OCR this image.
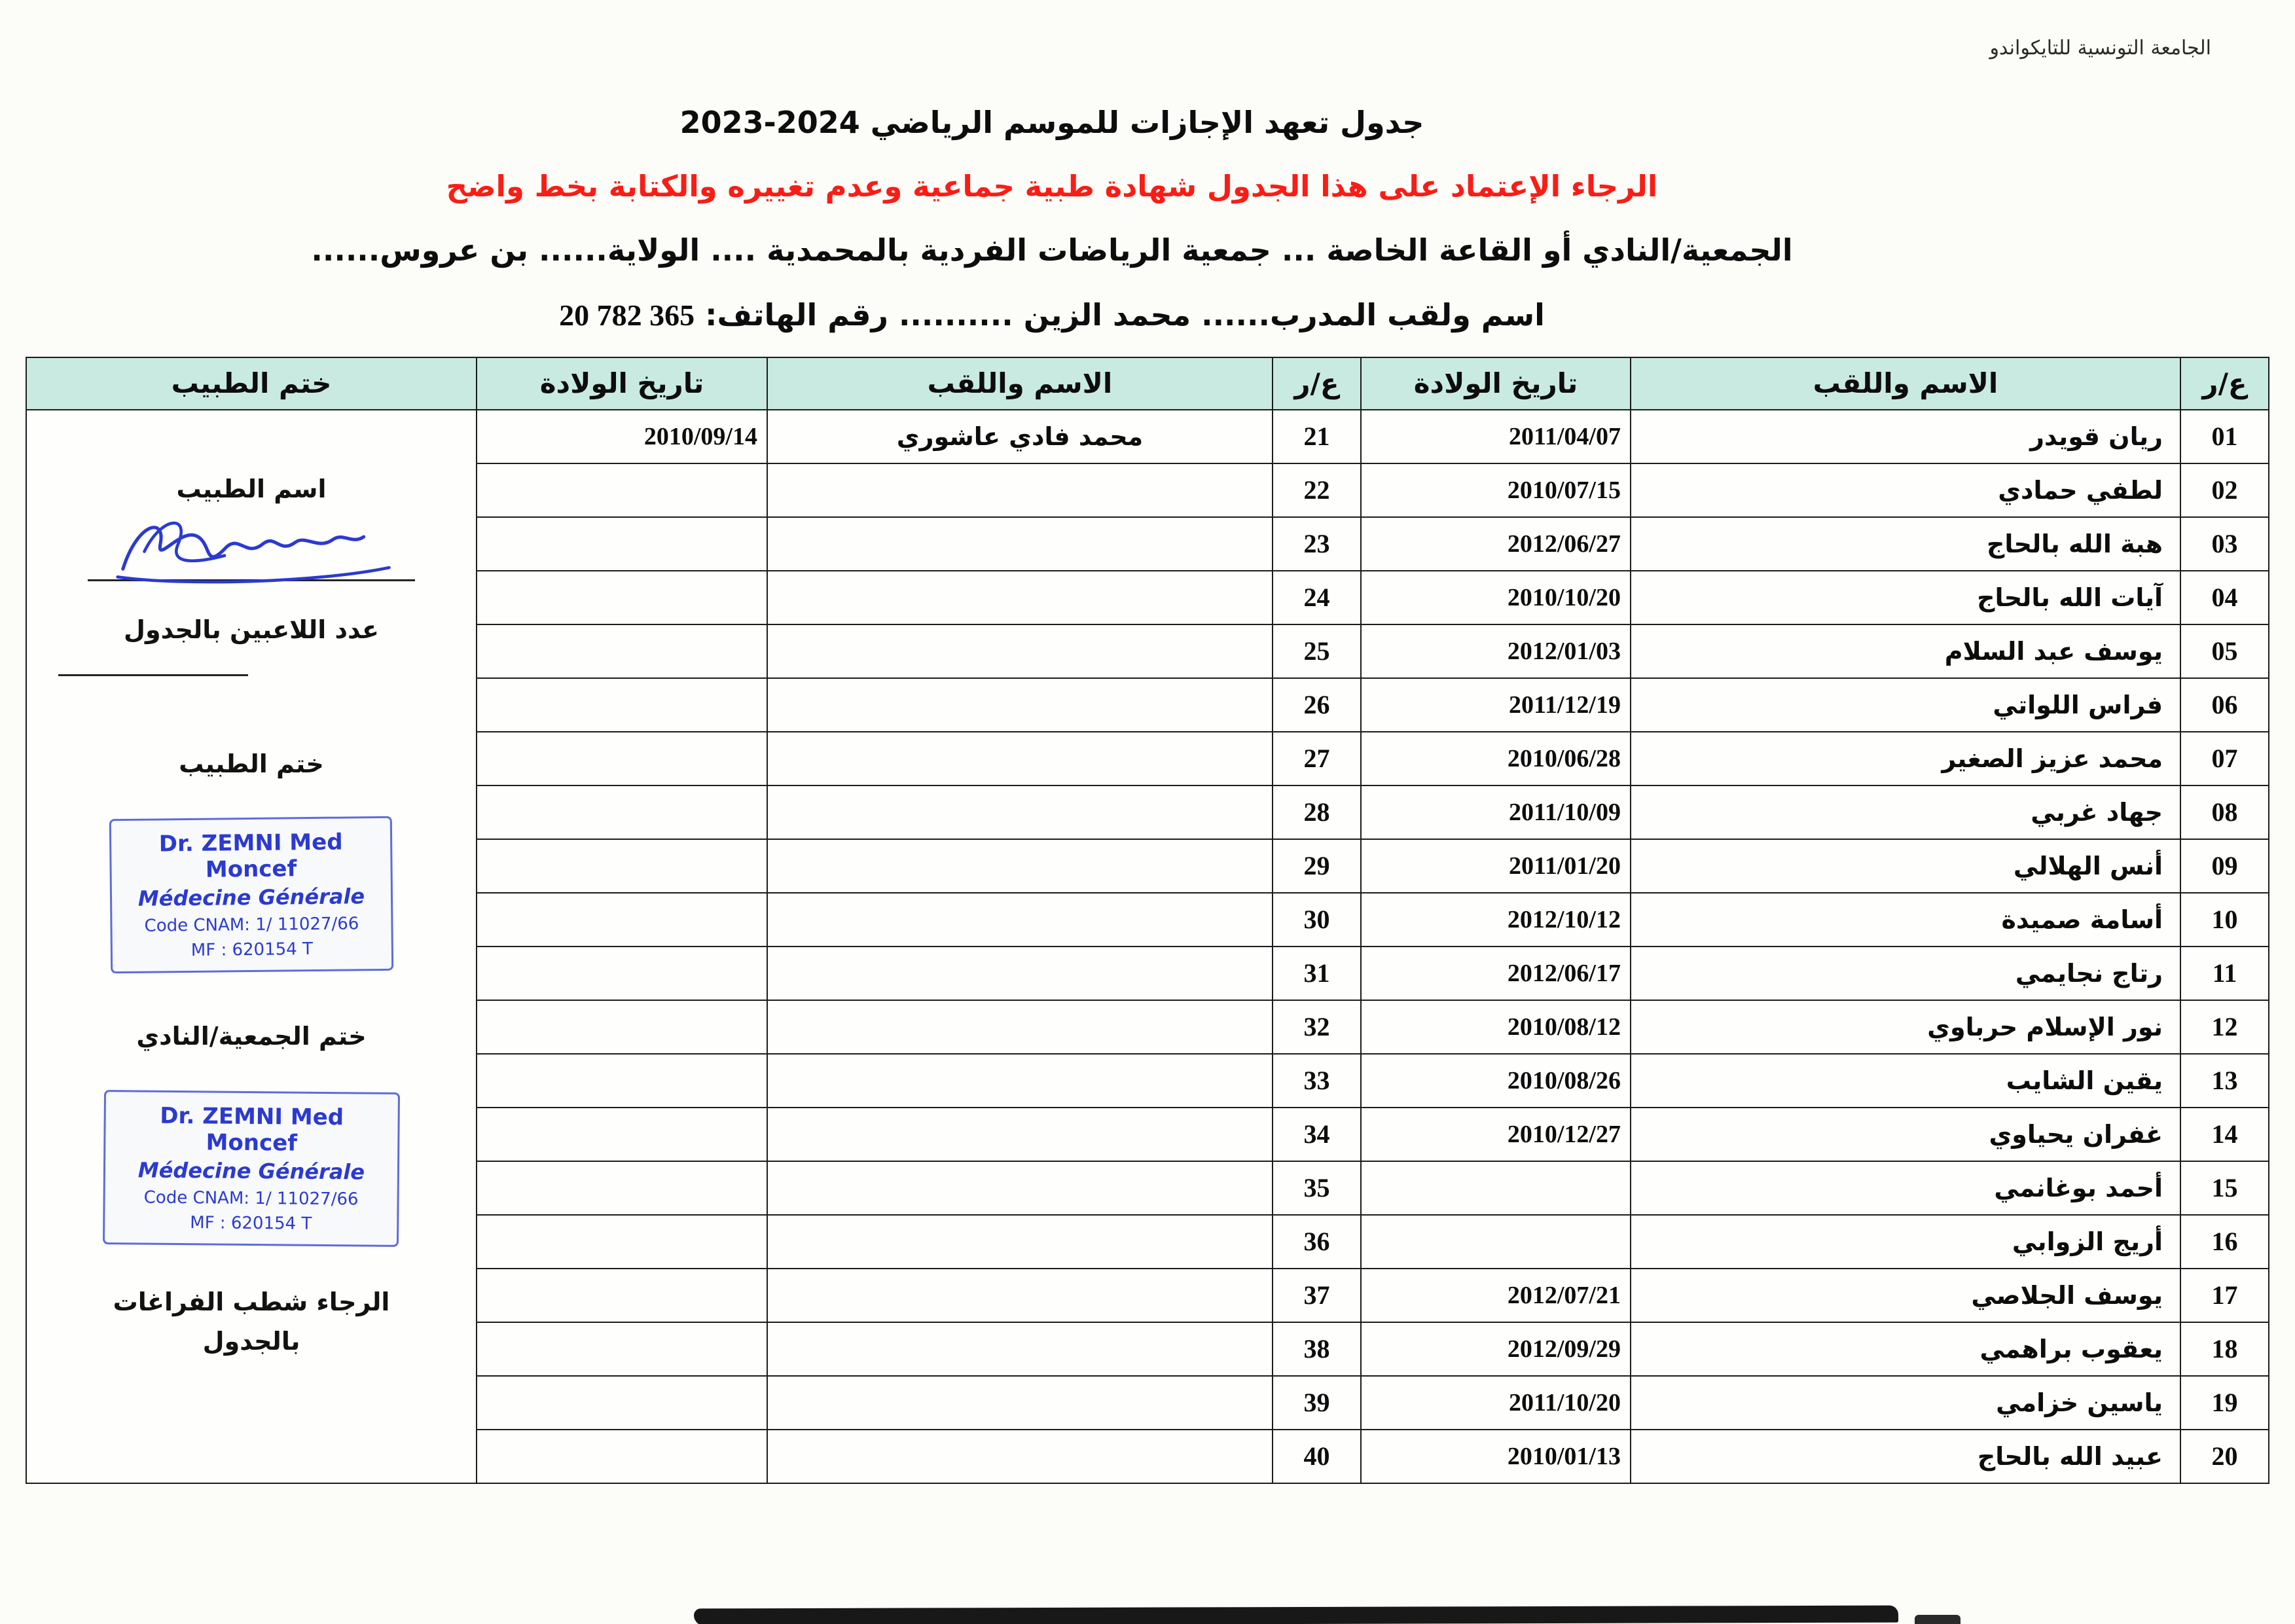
الجامعة التونسية للتايكواندو
جدول تعهد الإجازات للموسم الرياضي 2024-2023
الرجاء الإعتماد على هذا الجدول شهادة طبية جماعية وعدم تغييره والكتابة بخط واضح
الجمعية/النادي أو القاعة الخاصة ... جمعية الرياضات الفردية بالمحمدية .... الولاية...... بن عروس......
اسم ولقب المدرب...... محمد الزين .......... رقم الهاتف: 20 782 365
ع/ر	الاسم واللقب	تاريخ الولادة	ع/ر	الاسم واللقب	تاريخ الولادة	ختم الطبيب
01	ريان قويدر	2011/04/07	21	محمد فادي عاشوري	2010/09/14	
اسم الطبيب
عدد اللاعبين بالجدول
ختم الطبيب
Dr. ZEMNI Med Moncef
Médecine Générale
Code CNAM: 1/ 11027/66
MF : 620154 T
ختم الجمعية/النادي
Dr. ZEMNI Med Moncef
Médecine Générale
Code CNAM: 1/ 11027/66
MF : 620154 T
الرجاء شطب الفراغات
بالجدول

02	لطفي حمادي	2010/07/15	22			
03	هبة الله بالحاج	2012/06/27	23			
04	آيات الله بالحاج	2010/10/20	24			
05	يوسف عبد السلام	2012/01/03	25			
06	فراس اللواتي	2011/12/19	26			
07	محمد عزيز الصغير	2010/06/28	27			
08	جهاد غربي	2011/10/09	28			
09	أنس الهلالي	2011/01/20	29			
10	أسامة صميدة	2012/10/12	30			
11	رتاج نجايمي	2012/06/17	31			
12	نور الإسلام حرباوي	2010/08/12	32			
13	يقين الشايب	2010/08/26	33			
14	غفران يحياوي	2010/12/27	34			
15	أحمد بوغانمي		35			
16	أريج الزوابي		36			
17	يوسف الجلاصي	2012/07/21	37			
18	يعقوب براهمي	2012/09/29	38			
19	ياسين خزامي	2011/10/20	39			
20	عبيد الله بالحاج	2010/01/13	40			
